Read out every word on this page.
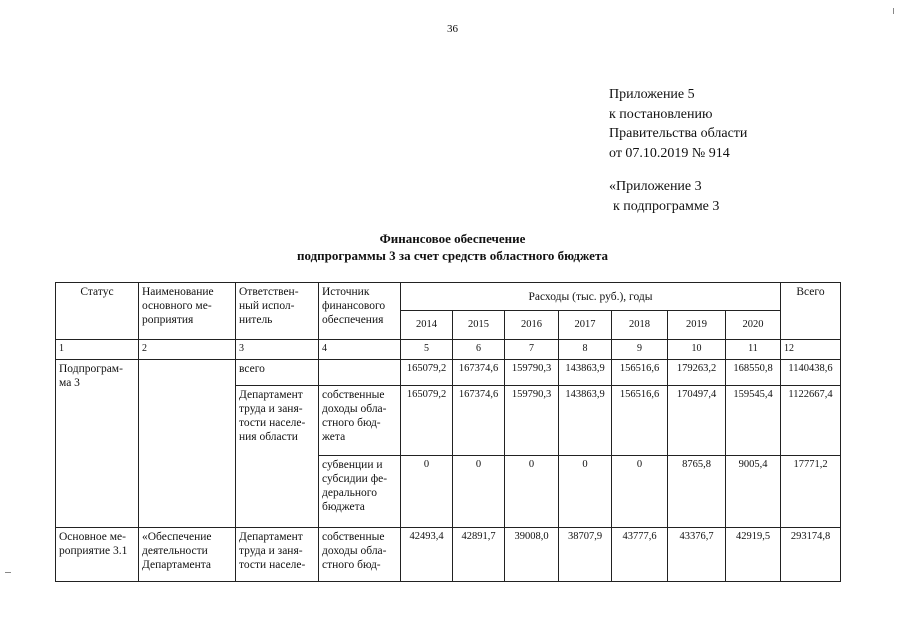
36
Приложение 5
к постановлению
Правительства области
от 07.10.2019 № 914
«Приложение 3
к подпрограмме 3
Финансовое обеспечение
подпрограммы 3 за счет средств областного бюджета
Статус	Наименование основного ме-роприятия	Ответствен-ный испол-нитель	Источник финансового обеспечения	Расходы (тыс. руб.), годы							Всего
				2014	2015	2016	2017	2018	2019	2020	
1	2	3	4	5	6	7	8	9	10	11	12
Подпрограм-ма 3		всего		165079,2	167374,6	159790,3	143863,9	156516,6	179263,2	168550,8	1140438,6
		Департамент труда и заня-тости населе-ния области	собственные доходы обла-стного бюд-жета	165079,2	167374,6	159790,3	143863,9	156516,6	170497,4	159545,4	1122667,4
			субвенции и субсидии фе-дерального бюджета	0	0	0	0	0	8765,8	9005,4	17771,2
Основное ме-роприятие 3.1	«Обеспечение деятельности Департамента	Департамент труда и заня-тости населе-	собственные доходы обла-стного бюд-	42493,4	42891,7	39008,0	38707,9	43777,6	43376,7	42919,5	293174,8
